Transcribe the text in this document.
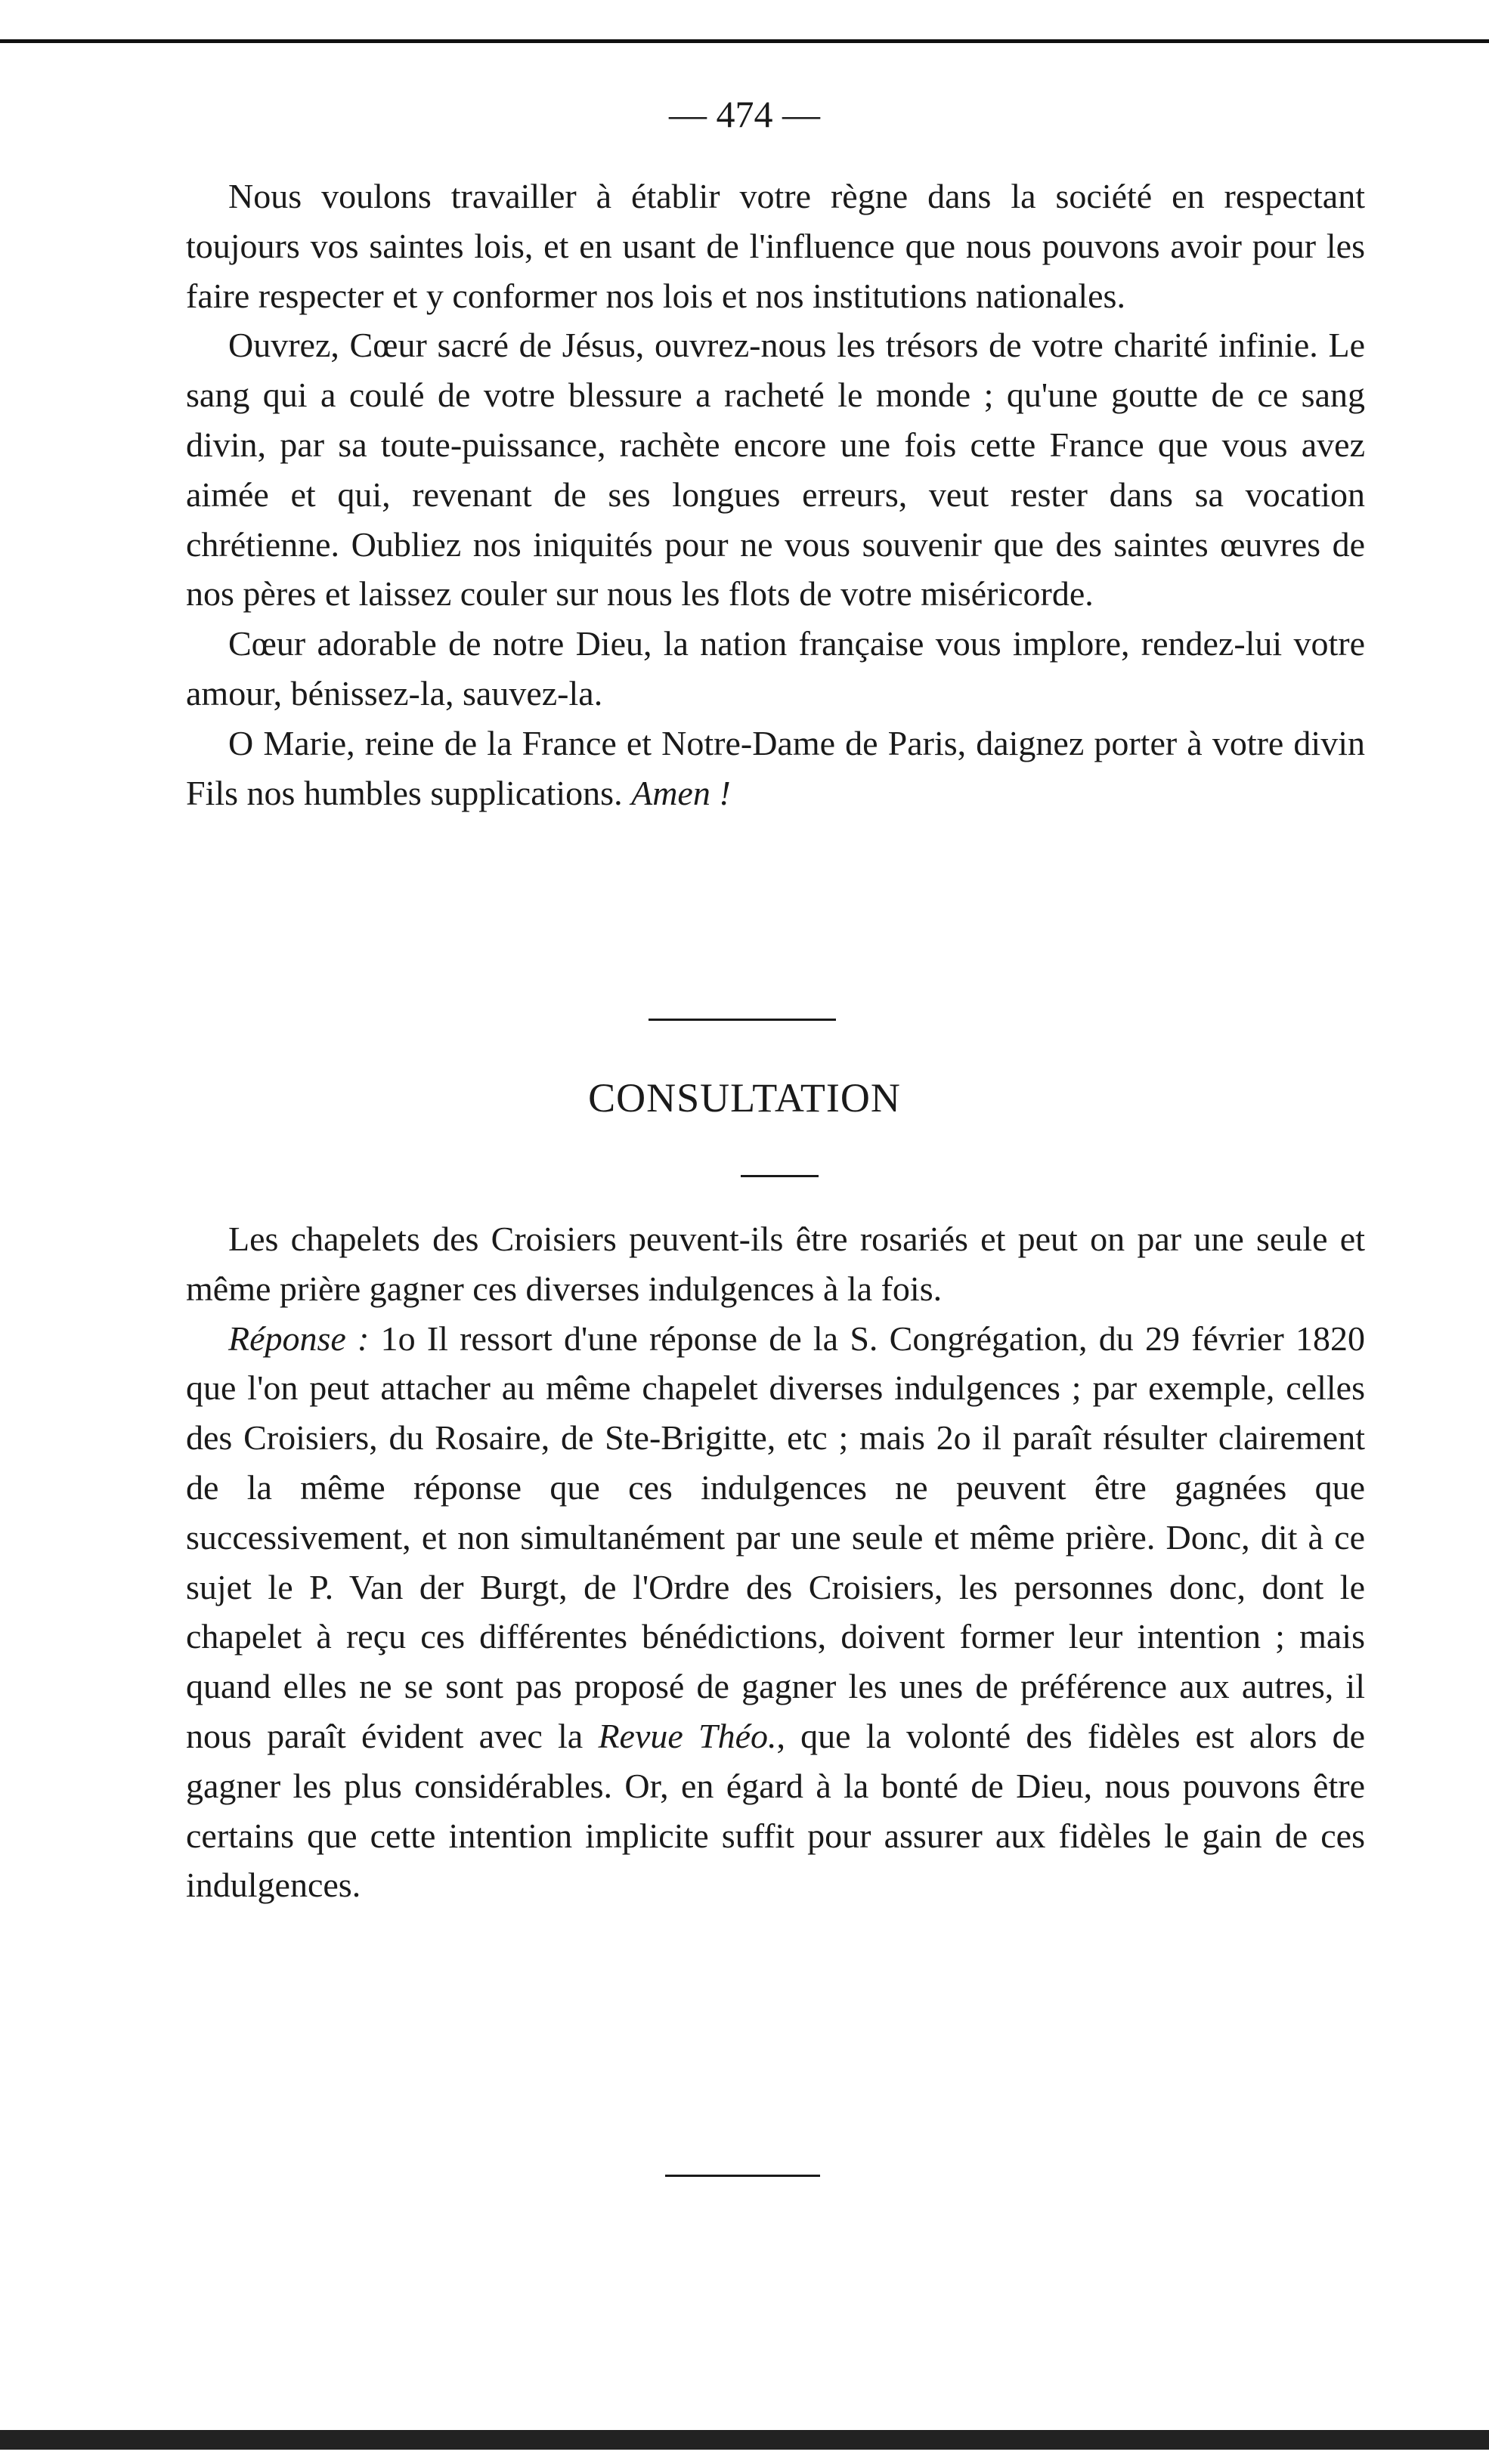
— 474 —

Nous voulons travailler à établir votre règne dans la société en respectant toujours vos saintes lois, et en usant de l'influence que nous pouvons avoir pour les faire respecter et y conformer nos lois et nos institutions nationales.

Ouvrez, Cœur sacré de Jésus, ouvrez-nous les trésors de votre charité infinie. Le sang qui a coulé de votre blessure a racheté le monde ; qu'une goutte de ce sang divin, par sa toute-puissance, rachète encore une fois cette France que vous avez aimée et qui, revenant de ses longues erreurs, veut rester dans sa vocation chrétienne. Oubliez nos iniquités pour ne vous souvenir que des saintes œuvres de nos pères et laissez couler sur nous les flots de votre miséricorde.

Cœur adorable de notre Dieu, la nation française vous implore, rendez-lui votre amour, bénissez-la, sauvez-la.

O Marie, reine de la France et Notre-Dame de Paris, daignez porter à votre divin Fils nos humbles supplications. Amen !

CONSULTATION

Les chapelets des Croisiers peuvent-ils être rosariés et peut on par une seule et même prière gagner ces diverses indulgences à la fois.

Réponse : 1o Il ressort d'une réponse de la S. Congrégation, du 29 février 1820 que l'on peut attacher au même chapelet diverses indulgences ; par exemple, celles des Croisiers, du Rosaire, de Ste-Brigitte, etc ; mais 2o il paraît résulter clairement de la même réponse que ces indulgences ne peuvent être gagnées que successivement, et non simultanément par une seule et même prière. Donc, dit à ce sujet le P. Van der Burgt, de l'Ordre des Croisiers, les personnes donc, dont le chapelet à reçu ces différentes bénédictions, doivent former leur intention ; mais quand elles ne se sont pas proposé de gagner les unes de préférence aux autres, il nous paraît évident avec la Revue Théo., que la volonté des fidèles est alors de gagner les plus considérables. Or, en égard à la bonté de Dieu, nous pouvons être certains que cette intention implicite suffit pour assurer aux fidèles le gain de ces indulgences.
